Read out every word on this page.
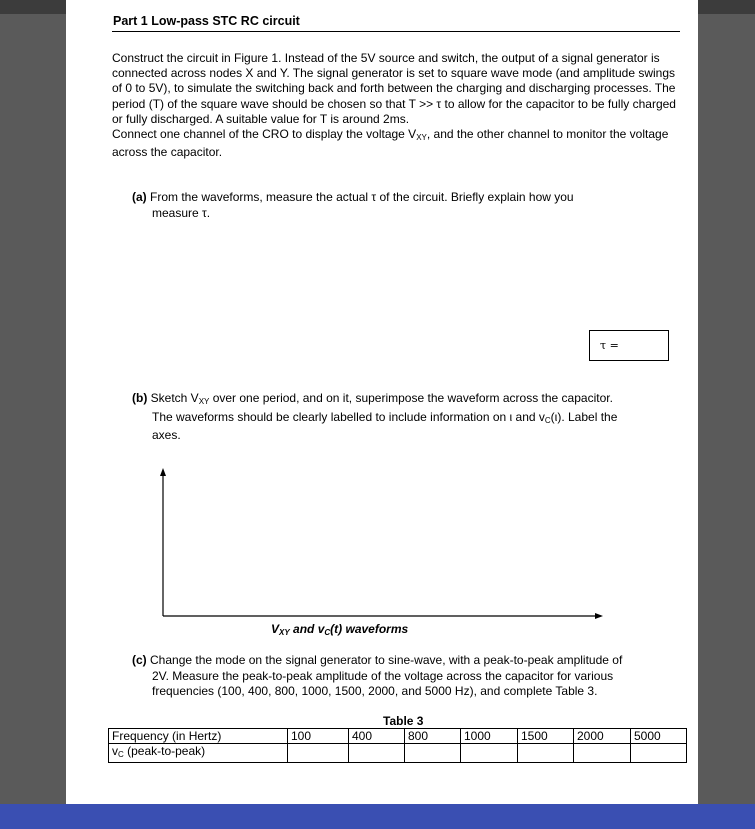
Part 1 Low-pass STC RC circuit

Construct the circuit in Figure 1. Instead of the 5V source and switch, the output of a signal generator is connected across nodes X and Y. The signal generator is set to square wave mode (and amplitude swings of 0 to 5V), to simulate the switching back and forth between the charging and discharging processes. The period (T) of the square wave should be chosen so that T >> τ to allow for the capacitor to be fully charged or fully discharged. A suitable value for T is around 2ms.

Connect one channel of the CRO to display the voltage $V_{XY}$, and the other channel to monitor the voltage across the capacitor.

(a) From the waveforms, measure the actual τ of the circuit. Briefly explain how you
measure τ.
τ =
(b) Sketch $V_{XY}$ over one period, and on it, superimpose the waveform across the capacitor.
The waveforms should be clearly labelled to include information on ι and $v_C(\iota)$. Label the
axes.
$V_{XY}$ and $v_C(t)$ waveforms
(c) Change the mode on the signal generator to sine-wave, with a peak-to-peak amplitude of
2V. Measure the peak-to-peak amplitude of the voltage across the capacitor for various
frequencies (100, 400, 800, 1000, 1500, 2000, and 5000 Hz), and complete Table 3.
Table 3
Frequency (in Hertz)	100	400	800	1000	1500	2000	5000
$v_C$ (peak-to-peak)							
